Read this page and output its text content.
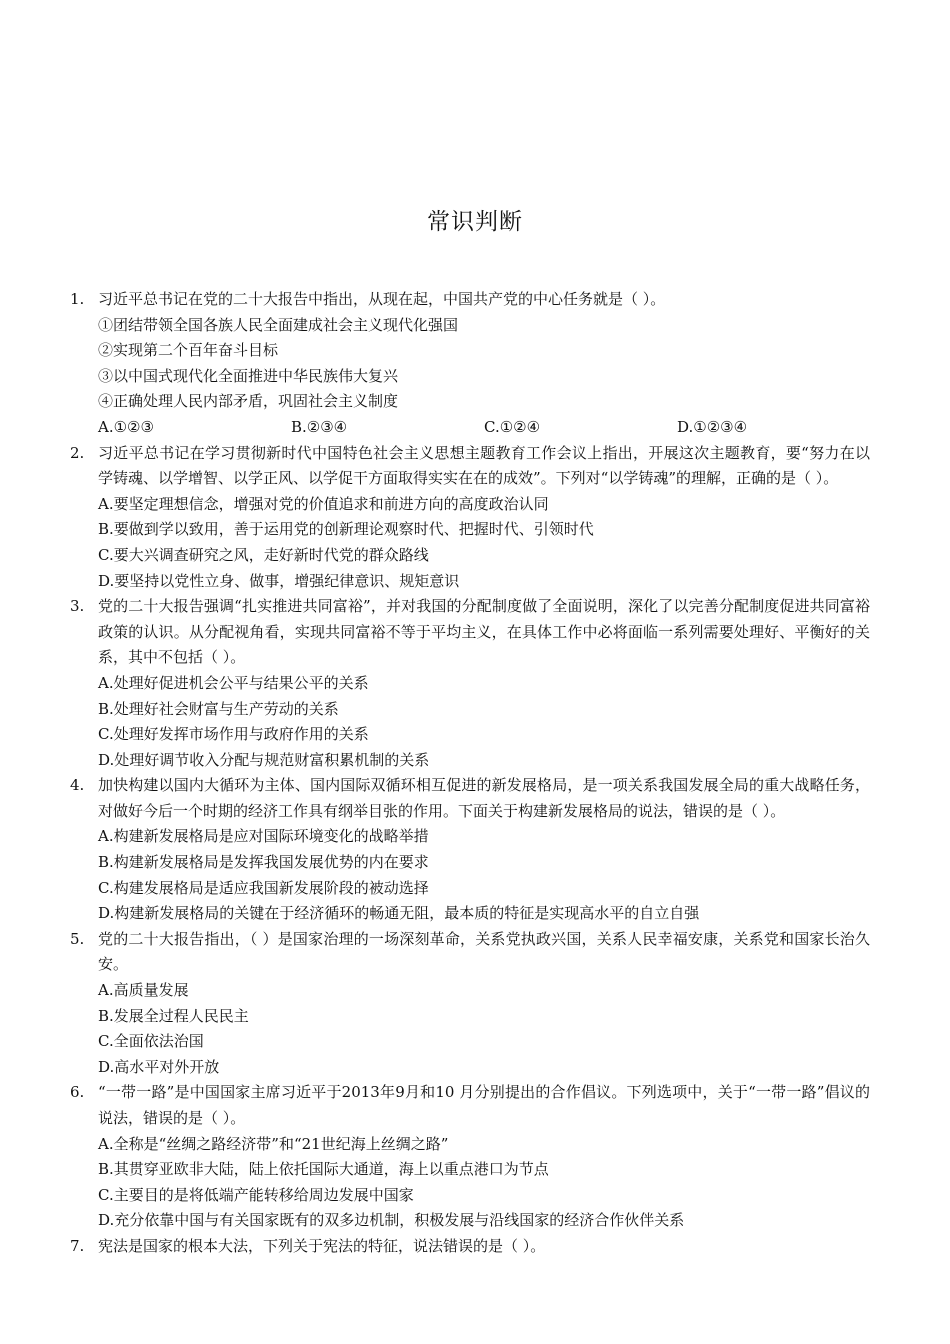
常识判断
1. 习近平总书记在党的二十大报告中指出，从现在起，中国共产党的中心任务就是（ ）。
①团结带领全国各族人民全面建成社会主义现代化强国
②实现第二个百年奋斗目标
③以中国式现代化全面推进中华民族伟大复兴
④正确处理人民内部矛盾，巩固社会主义制度
A.①②③	B.②③④	C.①②④	D.①②③④
2. 习近平总书记在学习贯彻新时代中国特色社会主义思想主题教育工作会议上指出，开展这次主题教育，要“努力在以学铸魂、以学增智、以学正风、以学促干方面取得实实在在的成效”。下列对“以学铸魂”的理解，正确的是（ ）。
A.要坚定理想信念，增强对党的价值追求和前进方向的高度政治认同
B.要做到学以致用，善于运用党的创新理论观察时代、把握时代、引领时代
C.要大兴调查研究之风，走好新时代党的群众路线
D.要坚持以党性立身、做事，增强纪律意识、规矩意识
3. 党的二十大报告强调“扎实推进共同富裕”，并对我国的分配制度做了全面说明，深化了以完善分配制度促进共同富裕政策的认识。从分配视角看，实现共同富裕不等于平均主义，在具体工作中必将面临一系列需要处理好、平衡好的关系，其中不包括（ ）。
A.处理好促进机会公平与结果公平的关系
B.处理好社会财富与生产劳动的关系
C.处理好发挥市场作用与政府作用的关系
D.处理好调节收入分配与规范财富积累机制的关系
4. 加快构建以国内大循环为主体、国内国际双循环相互促进的新发展格局，是一项关系我国发展全局的重大战略任务，对做好今后一个时期的经济工作具有纲举目张的作用。下面关于构建新发展格局的说法，错误的是（ ）。
A.构建新发展格局是应对国际环境变化的战略举措
B.构建新发展格局是发挥我国发展优势的内在要求
C.构建发展格局是适应我国新发展阶段的被动选择
D.构建新发展格局的关键在于经济循环的畅通无阻，最本质的特征是实现高水平的自立自强
5. 党的二十大报告指出，（ ）是国家治理的一场深刻革命，关系党执政兴国，关系人民幸福安康，关系党和国家长治久安。
A.高质量发展
B.发展全过程人民民主
C.全面依法治国
D.高水平对外开放
6. “一带一路”是中国国家主席习近平于2013年9月和10 月分别提出的合作倡议。下列选项中，关于“一带一路”倡议的说法，错误的是（ ）。
A.全称是“丝绸之路经济带”和“21世纪海上丝绸之路”
B.其贯穿亚欧非大陆，陆上依托国际大通道，海上以重点港口为节点
C.主要目的是将低端产能转移给周边发展中国家
D.充分依靠中国与有关国家既有的双多边机制，积极发展与沿线国家的经济合作伙伴关系
7. 宪法是国家的根本大法，下列关于宪法的特征，说法错误的是（ ）。
